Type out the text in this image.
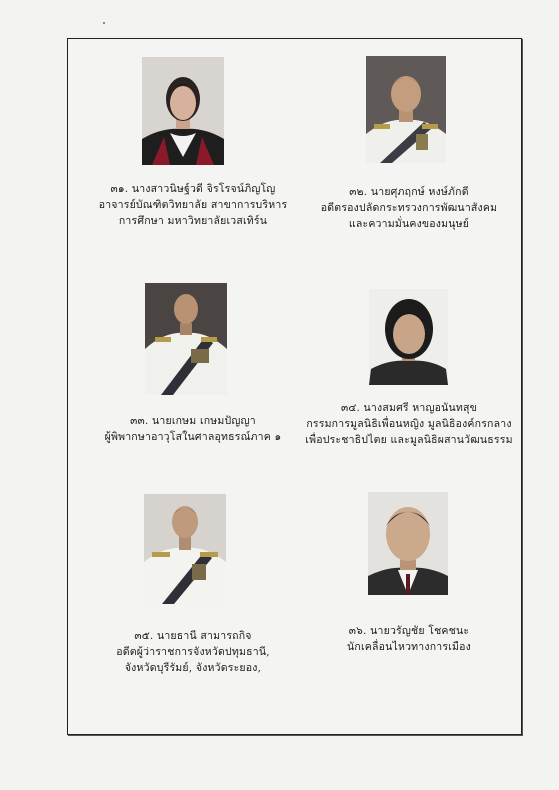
๓๑. นางสาวนิษฐ์วดี จิรโรจน์ภิญโญ
อาจารย์บัณฑิตวิทยาลัย สาขาการบริหาร
การศึกษา มหาวิทยาลัยเวสเทิร์น
๓๒. นายศุภฤกษ์ หงษ์ภักดี
อดีตรองปลัดกระทรวงการพัฒนาสังคม
และความมั่นคงของมนุษย์
๓๓. นายเกษม เกษมปัญญา
ผู้พิพากษาอาวุโสในศาลอุทธรณ์ภาค ๑
๓๔. นางสมศรี หาญอนันทสุข
กรรมการมูลนิธิเพื่อนหญิง มูลนิธิองค์กรกลาง
เพื่อประชาธิปไตย และมูลนิธิผสานวัฒนธรรม
๓๕. นายธานี สามารถกิจ
อดีตผู้ว่าราชการจังหวัดปทุมธานี,
จังหวัดบุรีรัมย์, จังหวัดระยอง,
๓๖. นายวรัญชัย โชคชนะ
นักเคลื่อนไหวทางการเมือง
